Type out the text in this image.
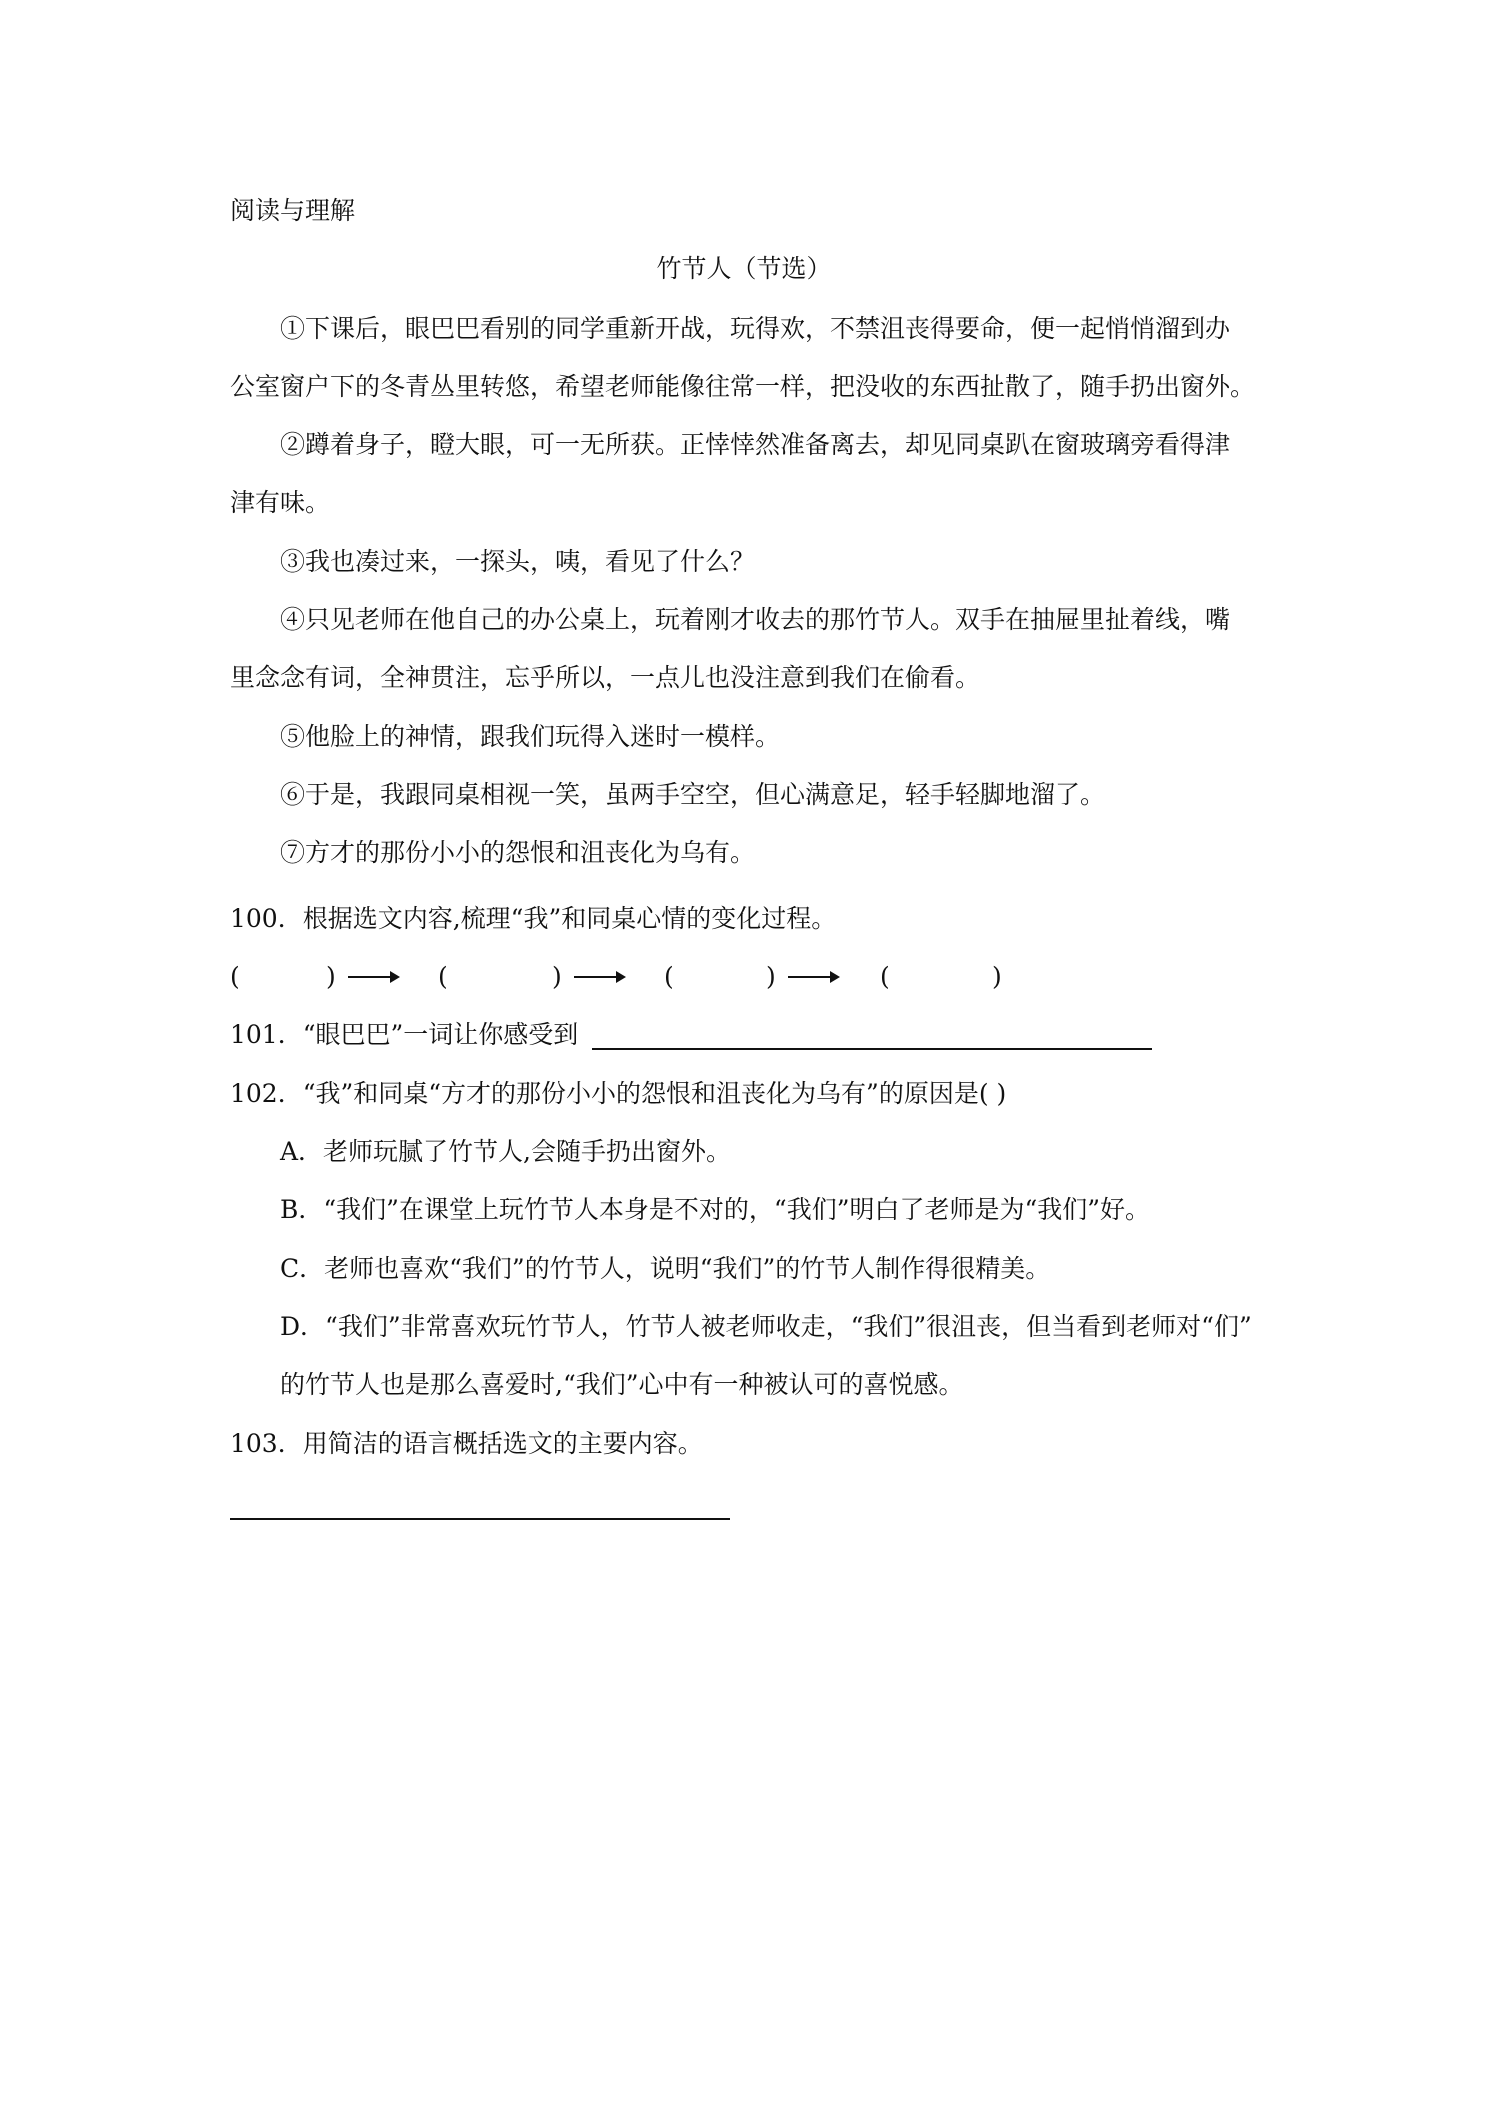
阅读与理解
竹节人（节选）
①下课后，眼巴巴看别的同学重新开战，玩得欢，不禁沮丧得要命，便一起悄悄溜到办
公室窗户下的冬青丛里转悠，希望老师能像往常一样，把没收的东西扯散了，随手扔出窗外。
②蹲着身子，瞪大眼，可一无所获。正悻悻然准备离去，却见同桌趴在窗玻璃旁看得津
津有味。
③我也凑过来，一探头，咦，看见了什么？
④只见老师在他自己的办公桌上，玩着刚才收去的那竹节人。双手在抽屉里扯着线，嘴
里念念有词，全神贯注，忘乎所以，一点儿也没注意到我们在偷看。
⑤他脸上的神情，跟我们玩得入迷时一模样。
⑥于是，我跟同桌相视一笑，虽两手空空，但心满意足，轻手轻脚地溜了。
⑦方才的那份小小的怨恨和沮丧化为乌有。
100．根据选文内容,梳理“我”和同桌心情的变化过程。
(	)	(	)	(	)	(	)
101．“眼巴巴”一词让你感受到
102．“我”和同桌“方才的那份小小的怨恨和沮丧化为乌有”的原因是( )
A．老师玩腻了竹节人,会随手扔出窗外。
B．“我们”在课堂上玩竹节人本身是不对的，“我们”明白了老师是为“我们”好。
C．老师也喜欢“我们”的竹节人，说明“我们”的竹节人制作得很精美。
D．“我们”非常喜欢玩竹节人，竹节人被老师收走，“我们”很沮丧，但当看到老师对“们”
的竹节人也是那么喜爱时,“我们”心中有一种被认可的喜悦感。
103．用简洁的语言概括选文的主要内容。
